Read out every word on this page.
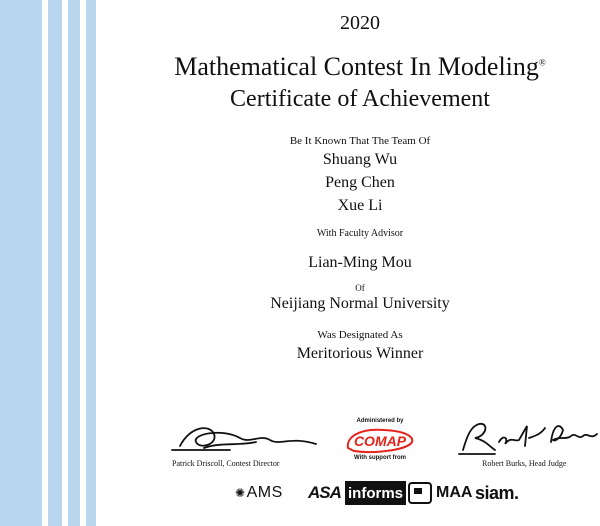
2020
Mathematical Contest In Modeling®
Certificate of Achievement
Be It Known That The Team Of
Shuang Wu
Peng Chen
Xue Li
With Faculty Advisor
Lian-Ming Mou
Of
Neijiang Normal University
Was Designated As
Meritorious Winner
Patrick Driscoll, Contest Director	Robert Burks, Head Judge
Administered by
COMAP
With support from
✺ AMS ASA informs MAA siam.
